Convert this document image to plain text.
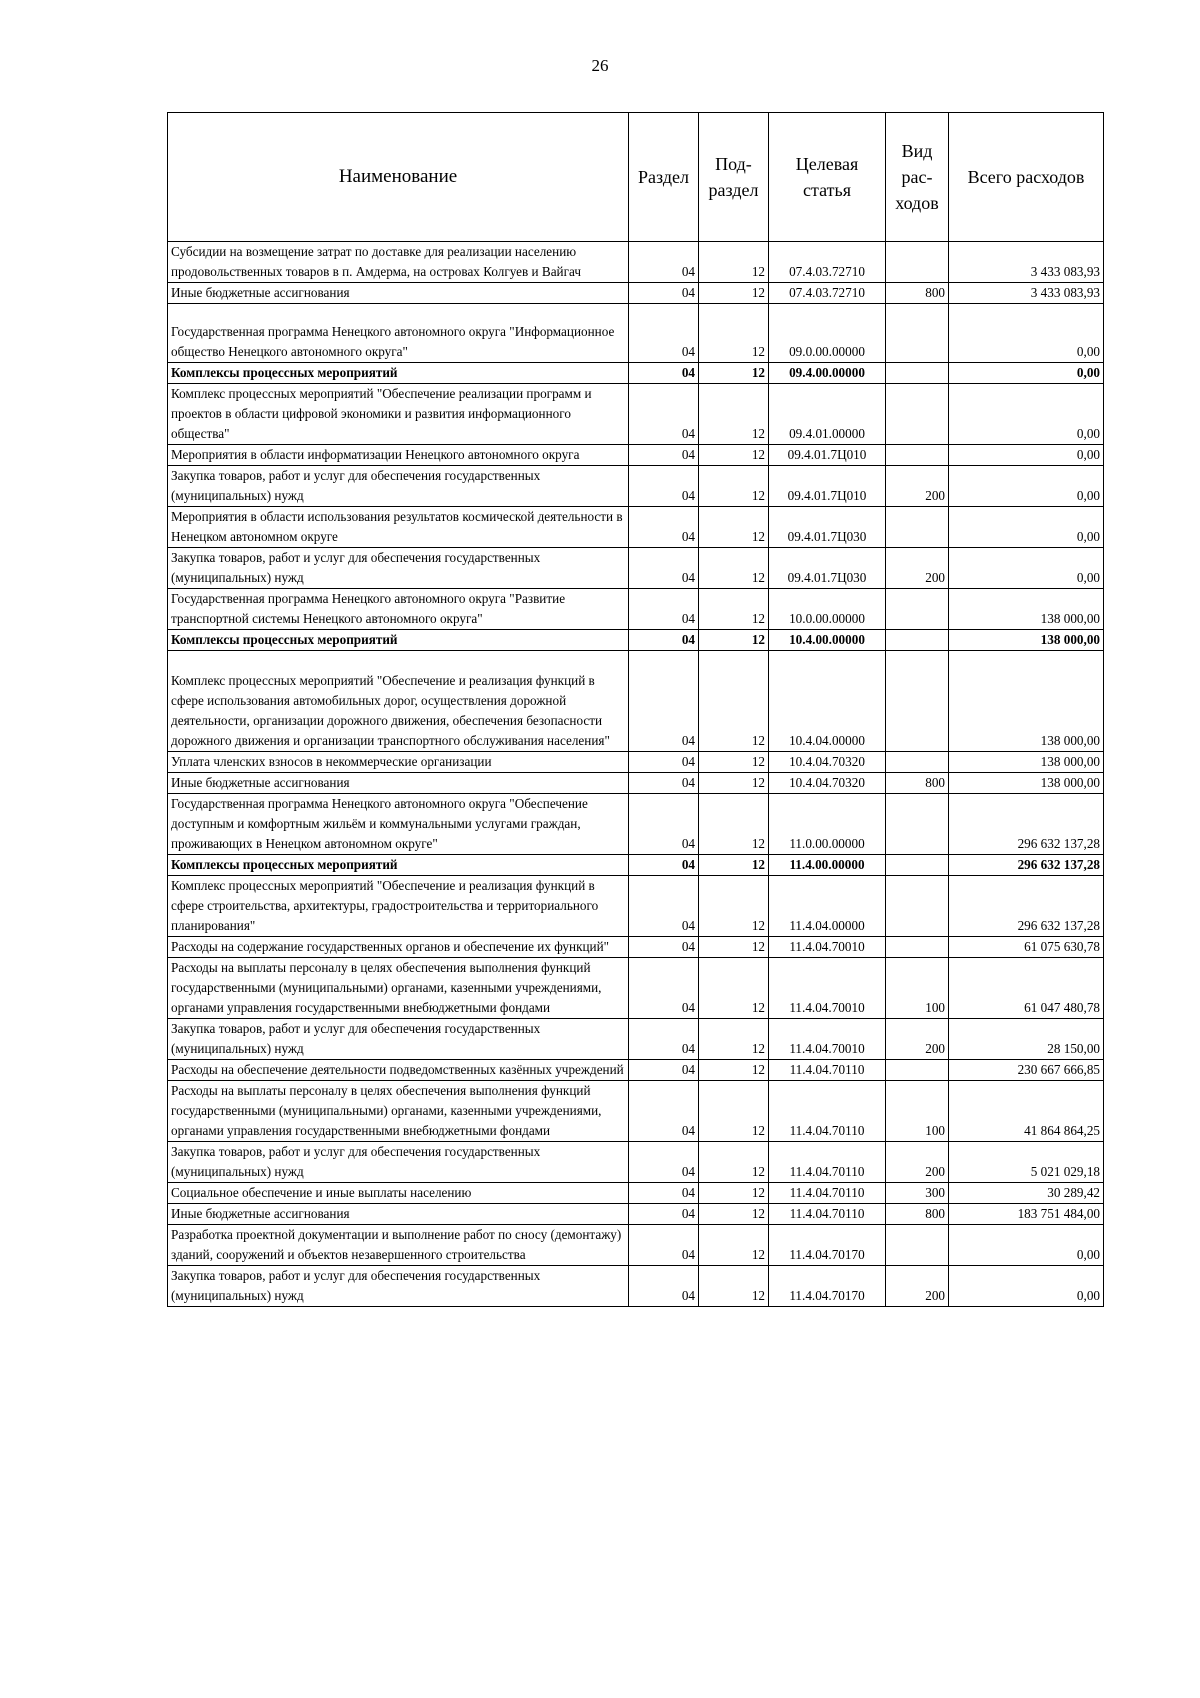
26
Наименование	Раздел	Под-раздел	Целевая статья	Вид рас-ходов	Всего расходов
Субсидии на возмещение затрат по доставке для реализации населению продовольственных товаров в п. Амдерма, на островах Колгуев и Вайгач	04	12	07.4.03.72710		3 433 083,93
Иные бюджетные ассигнования	04	12	07.4.03.72710	800	3 433 083,93
Государственная программа Ненецкого автономного округа "Информационное общество Ненецкого автономного округа"	04	12	09.0.00.00000		0,00
Комплексы процессных мероприятий	04	12	09.4.00.00000		0,00
Комплекс процессных мероприятий "Обеспечение реализации программ и проектов в области цифровой экономики и развития информационного общества"	04	12	09.4.01.00000		0,00
Мероприятия в области информатизации Ненецкого автономного округа	04	12	09.4.01.7Ц010		0,00
Закупка товаров, работ и услуг для обеспечения государственных (муниципальных) нужд	04	12	09.4.01.7Ц010	200	0,00
Мероприятия в области использования результатов космической деятельности в Ненецком автономном округе	04	12	09.4.01.7Ц030		0,00
Закупка товаров, работ и услуг для обеспечения государственных (муниципальных) нужд	04	12	09.4.01.7Ц030	200	0,00
Государственная программа Ненецкого автономного округа "Развитие транспортной системы Ненецкого автономного округа"	04	12	10.0.00.00000		138 000,00
Комплексы процессных мероприятий	04	12	10.4.00.00000		138 000,00
Комплекс процессных мероприятий "Обеспечение и реализация функций в сфере использования автомобильных дорог, осуществления дорожной деятельности, организации дорожного движения, обеспечения безопасности дорожного движения и организации транспортного обслуживания населения"	04	12	10.4.04.00000		138 000,00
Уплата членских взносов в некоммерческие организации	04	12	10.4.04.70320		138 000,00
Иные бюджетные ассигнования	04	12	10.4.04.70320	800	138 000,00
Государственная программа Ненецкого автономного округа "Обеспечение доступным и комфортным жильём и коммунальными услугами граждан, проживающих в Ненецком автономном округе"	04	12	11.0.00.00000		296 632 137,28
Комплексы процессных мероприятий	04	12	11.4.00.00000		296 632 137,28
Комплекс процессных мероприятий "Обеспечение и реализация функций в сфере строительства, архитектуры, градостроительства и территориального планирования"	04	12	11.4.04.00000		296 632 137,28
Расходы на содержание государственных органов и обеспечение их функций"	04	12	11.4.04.70010		61 075 630,78
Расходы на выплаты персоналу в целях обеспечения выполнения функций государственными (муниципальными) органами, казенными учреждениями, органами управления государственными внебюджетными фондами	04	12	11.4.04.70010	100	61 047 480,78
Закупка товаров, работ и услуг для обеспечения государственных (муниципальных) нужд	04	12	11.4.04.70010	200	28 150,00
Расходы на обеспечение деятельности подведомственных казённых учреждений	04	12	11.4.04.70110		230 667 666,85
Расходы на выплаты персоналу в целях обеспечения выполнения функций государственными (муниципальными) органами, казенными учреждениями, органами управления государственными внебюджетными фондами	04	12	11.4.04.70110	100	41 864 864,25
Закупка товаров, работ и услуг для обеспечения государственных (муниципальных) нужд	04	12	11.4.04.70110	200	5 021 029,18
Социальное обеспечение и иные выплаты населению	04	12	11.4.04.70110	300	30 289,42
Иные бюджетные ассигнования	04	12	11.4.04.70110	800	183 751 484,00
Разработка проектной документации и выполнение работ по сносу (демонтажу) зданий, сооружений и объектов незавершенного строительства	04	12	11.4.04.70170		0,00
Закупка товаров, работ и услуг для обеспечения государственных (муниципальных) нужд	04	12	11.4.04.70170	200	0,00
